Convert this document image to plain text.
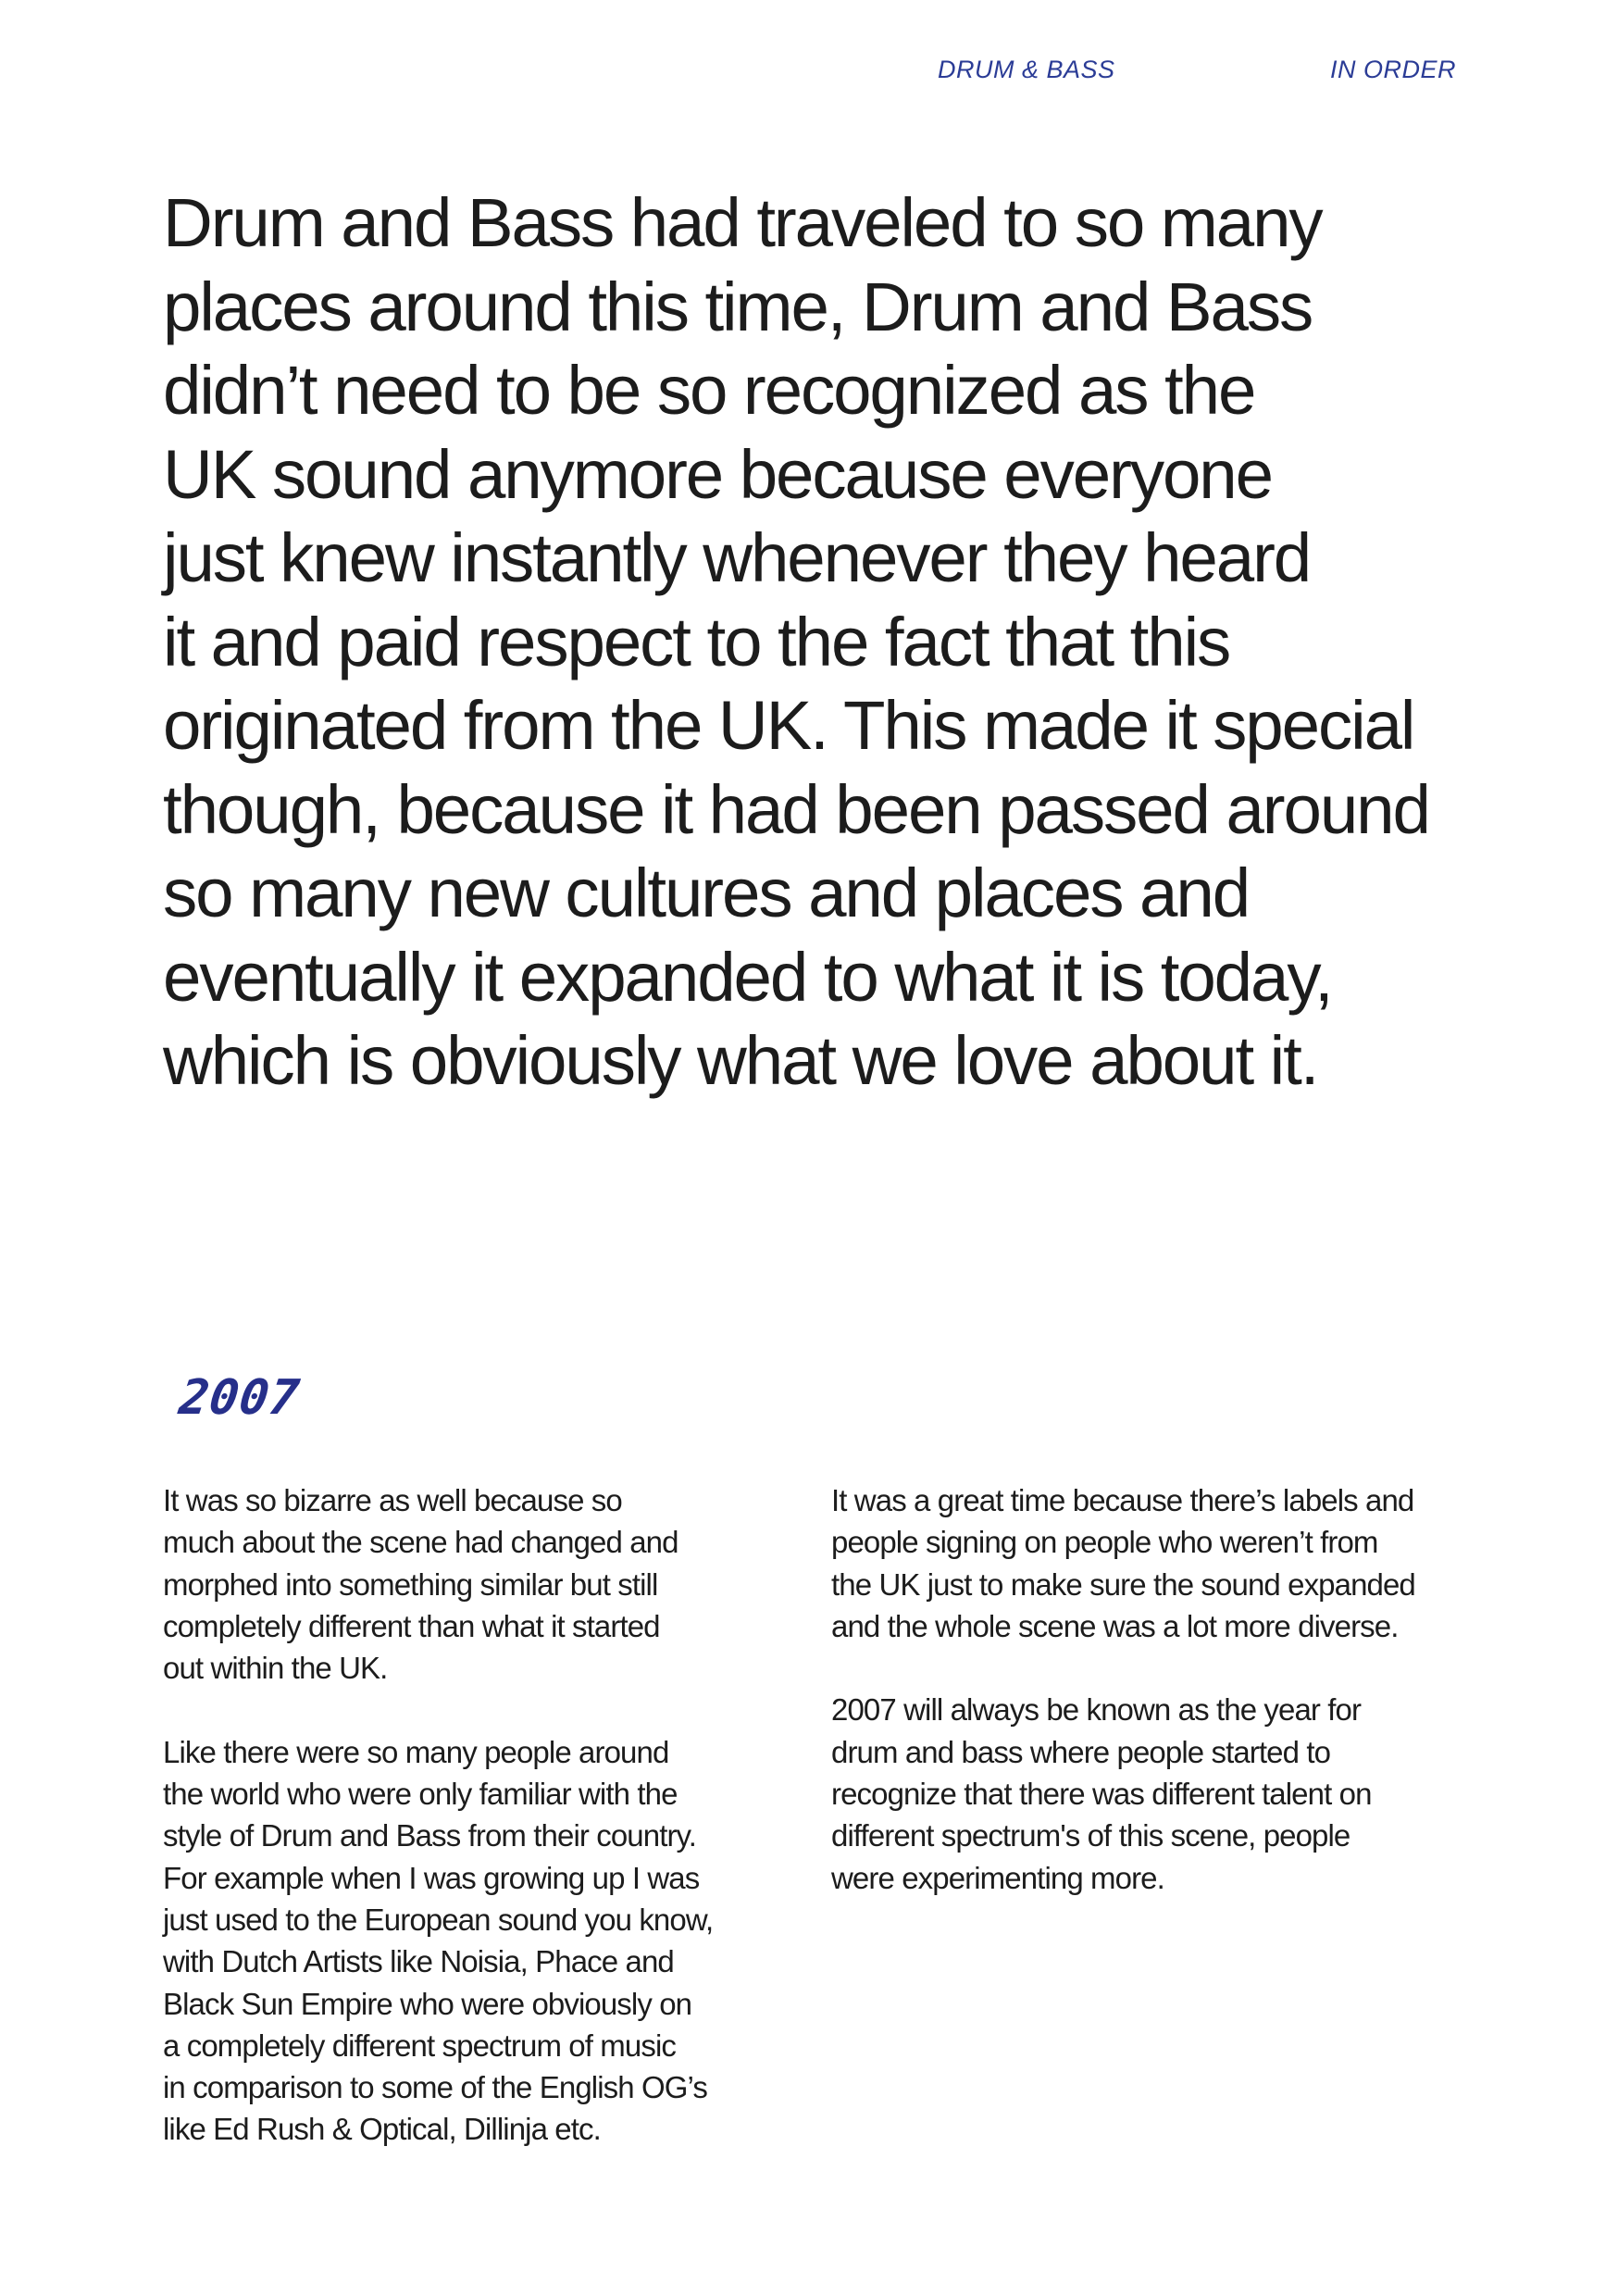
DRUM & BASS	IN ORDER

Drum and Bass had traveled to so many
places around this time, Drum and Bass
didn’t need to be so recognized as the
UK sound anymore because everyone
just knew instantly whenever they heard
it and paid respect to the fact that this
originated from the UK. This made it special
though, because it had been passed around
so many new cultures and places and
eventually it expanded to what it is today,
which is obviously what we love about it.

2007

It was so bizarre as well because so
much about the scene had changed and
morphed into something similar but still
completely different than what it started
out within the UK.

Like there were so many people around
the world who were only familiar with the
style of Drum and Bass from their country.
For example when I was growing up I was
just used to the European sound you know,
with Dutch Artists like Noisia, Phace and
Black Sun Empire who were obviously on
a completely different spectrum of music
in comparison to some of the English OG’s
like Ed Rush & Optical, Dillinja etc.

It was a great time because there’s labels and
people signing on people who weren’t from
the UK just to make sure the sound expanded
and the whole scene was a lot more diverse.

2007 will always be known as the year for
drum and bass where people started to
recognize that there was different talent on
different spectrum's of this scene, people
were experimenting more.
